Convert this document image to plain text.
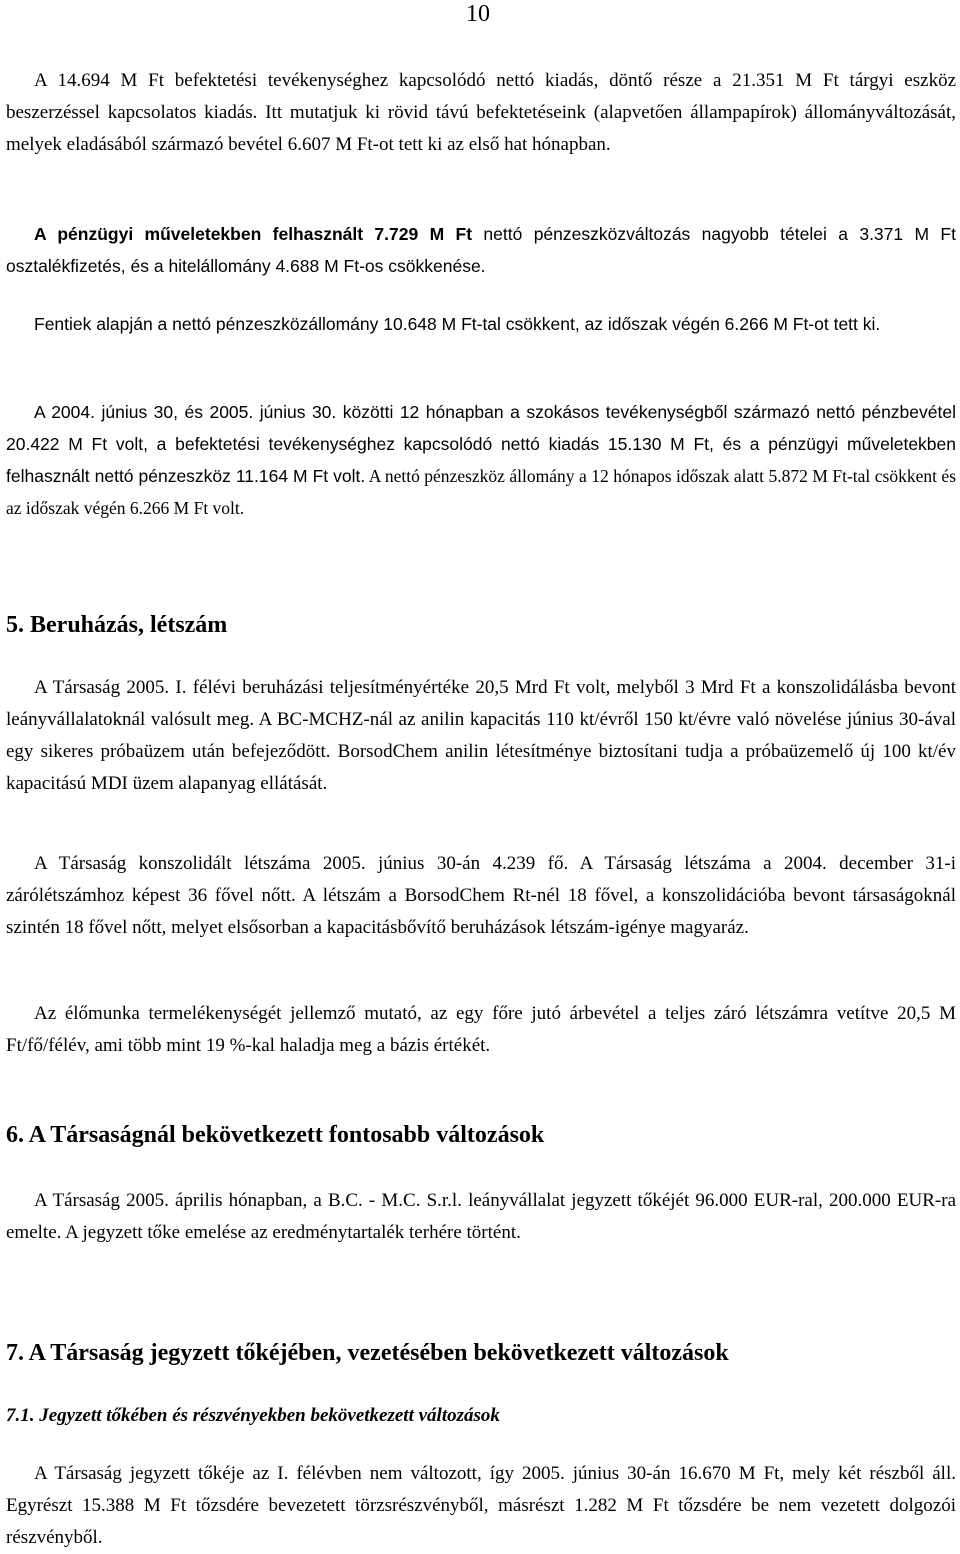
10
A 14.694 M Ft befektetési tevékenységhez kapcsolódó nettó kiadás, döntő része a 21.351 M Ft tárgyi eszköz beszerzéssel kapcsolatos kiadás. Itt mutatjuk ki rövid távú befektetéseink (alapvetően állampapírok) állományváltozását, melyek eladásából származó bevétel 6.607 M Ft-ot tett ki az első hat hónapban.
A pénzügyi műveletekben felhasznált 7.729 M Ft nettó pénzeszközváltozás nagyobb tételei a 3.371 M Ft osztalékfizetés, és a hitelállomány 4.688 M Ft-os csökkenése.
Fentiek alapján a nettó pénzeszközállomány 10.648 M Ft-tal csökkent, az időszak végén 6.266 M Ft-ot tett ki.
A 2004. június 30, és 2005. június 30. közötti 12 hónapban a szokásos tevékenységből származó nettó pénzbevétel 20.422 M Ft volt, a befektetési tevékenységhez kapcsolódó nettó kiadás 15.130 M Ft, és a pénzügyi műveletekben felhasznált nettó pénzeszköz 11.164 M Ft volt. A nettó pénzeszköz állomány a 12 hónapos időszak alatt 5.872 M Ft-tal csökkent és az időszak végén 6.266 M Ft volt.
5. Beruházás, létszám
A Társaság 2005. I. félévi beruházási teljesítményértéke 20,5 Mrd Ft volt, melyből 3 Mrd Ft a konszolidálásba bevont leányvállalatoknál valósult meg. A BC-MCHZ-nál az anilin kapacitás 110 kt/évről 150 kt/évre való növelése június 30-ával egy sikeres próbaüzem után befejeződött. BorsodChem anilin létesítménye biztosítani tudja a próbaüzemelő új 100 kt/év kapacitású MDI üzem alapanyag ellátását.
A Társaság konszolidált létszáma 2005. június 30-án 4.239 fő. A Társaság létszáma a 2004. december 31-i zárólétszámhoz képest 36 fővel nőtt. A létszám a BorsodChem Rt-nél 18 fővel, a konszolidációba bevont társaságoknál szintén 18 fővel nőtt, melyet elsősorban a kapacitásbővítő beruházások létszám-igénye magyaráz.
Az élőmunka termelékenységét jellemző mutató, az egy főre jutó árbevétel a teljes záró létszámra vetítve 20,5 M Ft/fő/félév, ami több mint 19 %-kal haladja meg a bázis értékét.
6. A Társaságnál bekövetkezett fontosabb változások
A Társaság 2005. április hónapban, a B.C. - M.C. S.r.l. leányvállalat jegyzett tőkéjét 96.000 EUR-ral, 200.000 EUR-ra emelte. A jegyzett tőke emelése az eredménytartalék terhére történt.
7. A Társaság jegyzett tőkéjében, vezetésében bekövetkezett változások
7.1. Jegyzett tőkében és részvényekben bekövetkezett változások
A Társaság jegyzett tőkéje az I. félévben nem változott, így 2005. június 30-án 16.670 M Ft, mely két részből áll. Egyrészt 15.388 M Ft tőzsdére bevezetett törzsrészvényből, másrészt 1.282 M Ft tőzsdére be nem vezetett dolgozói részvényből.
